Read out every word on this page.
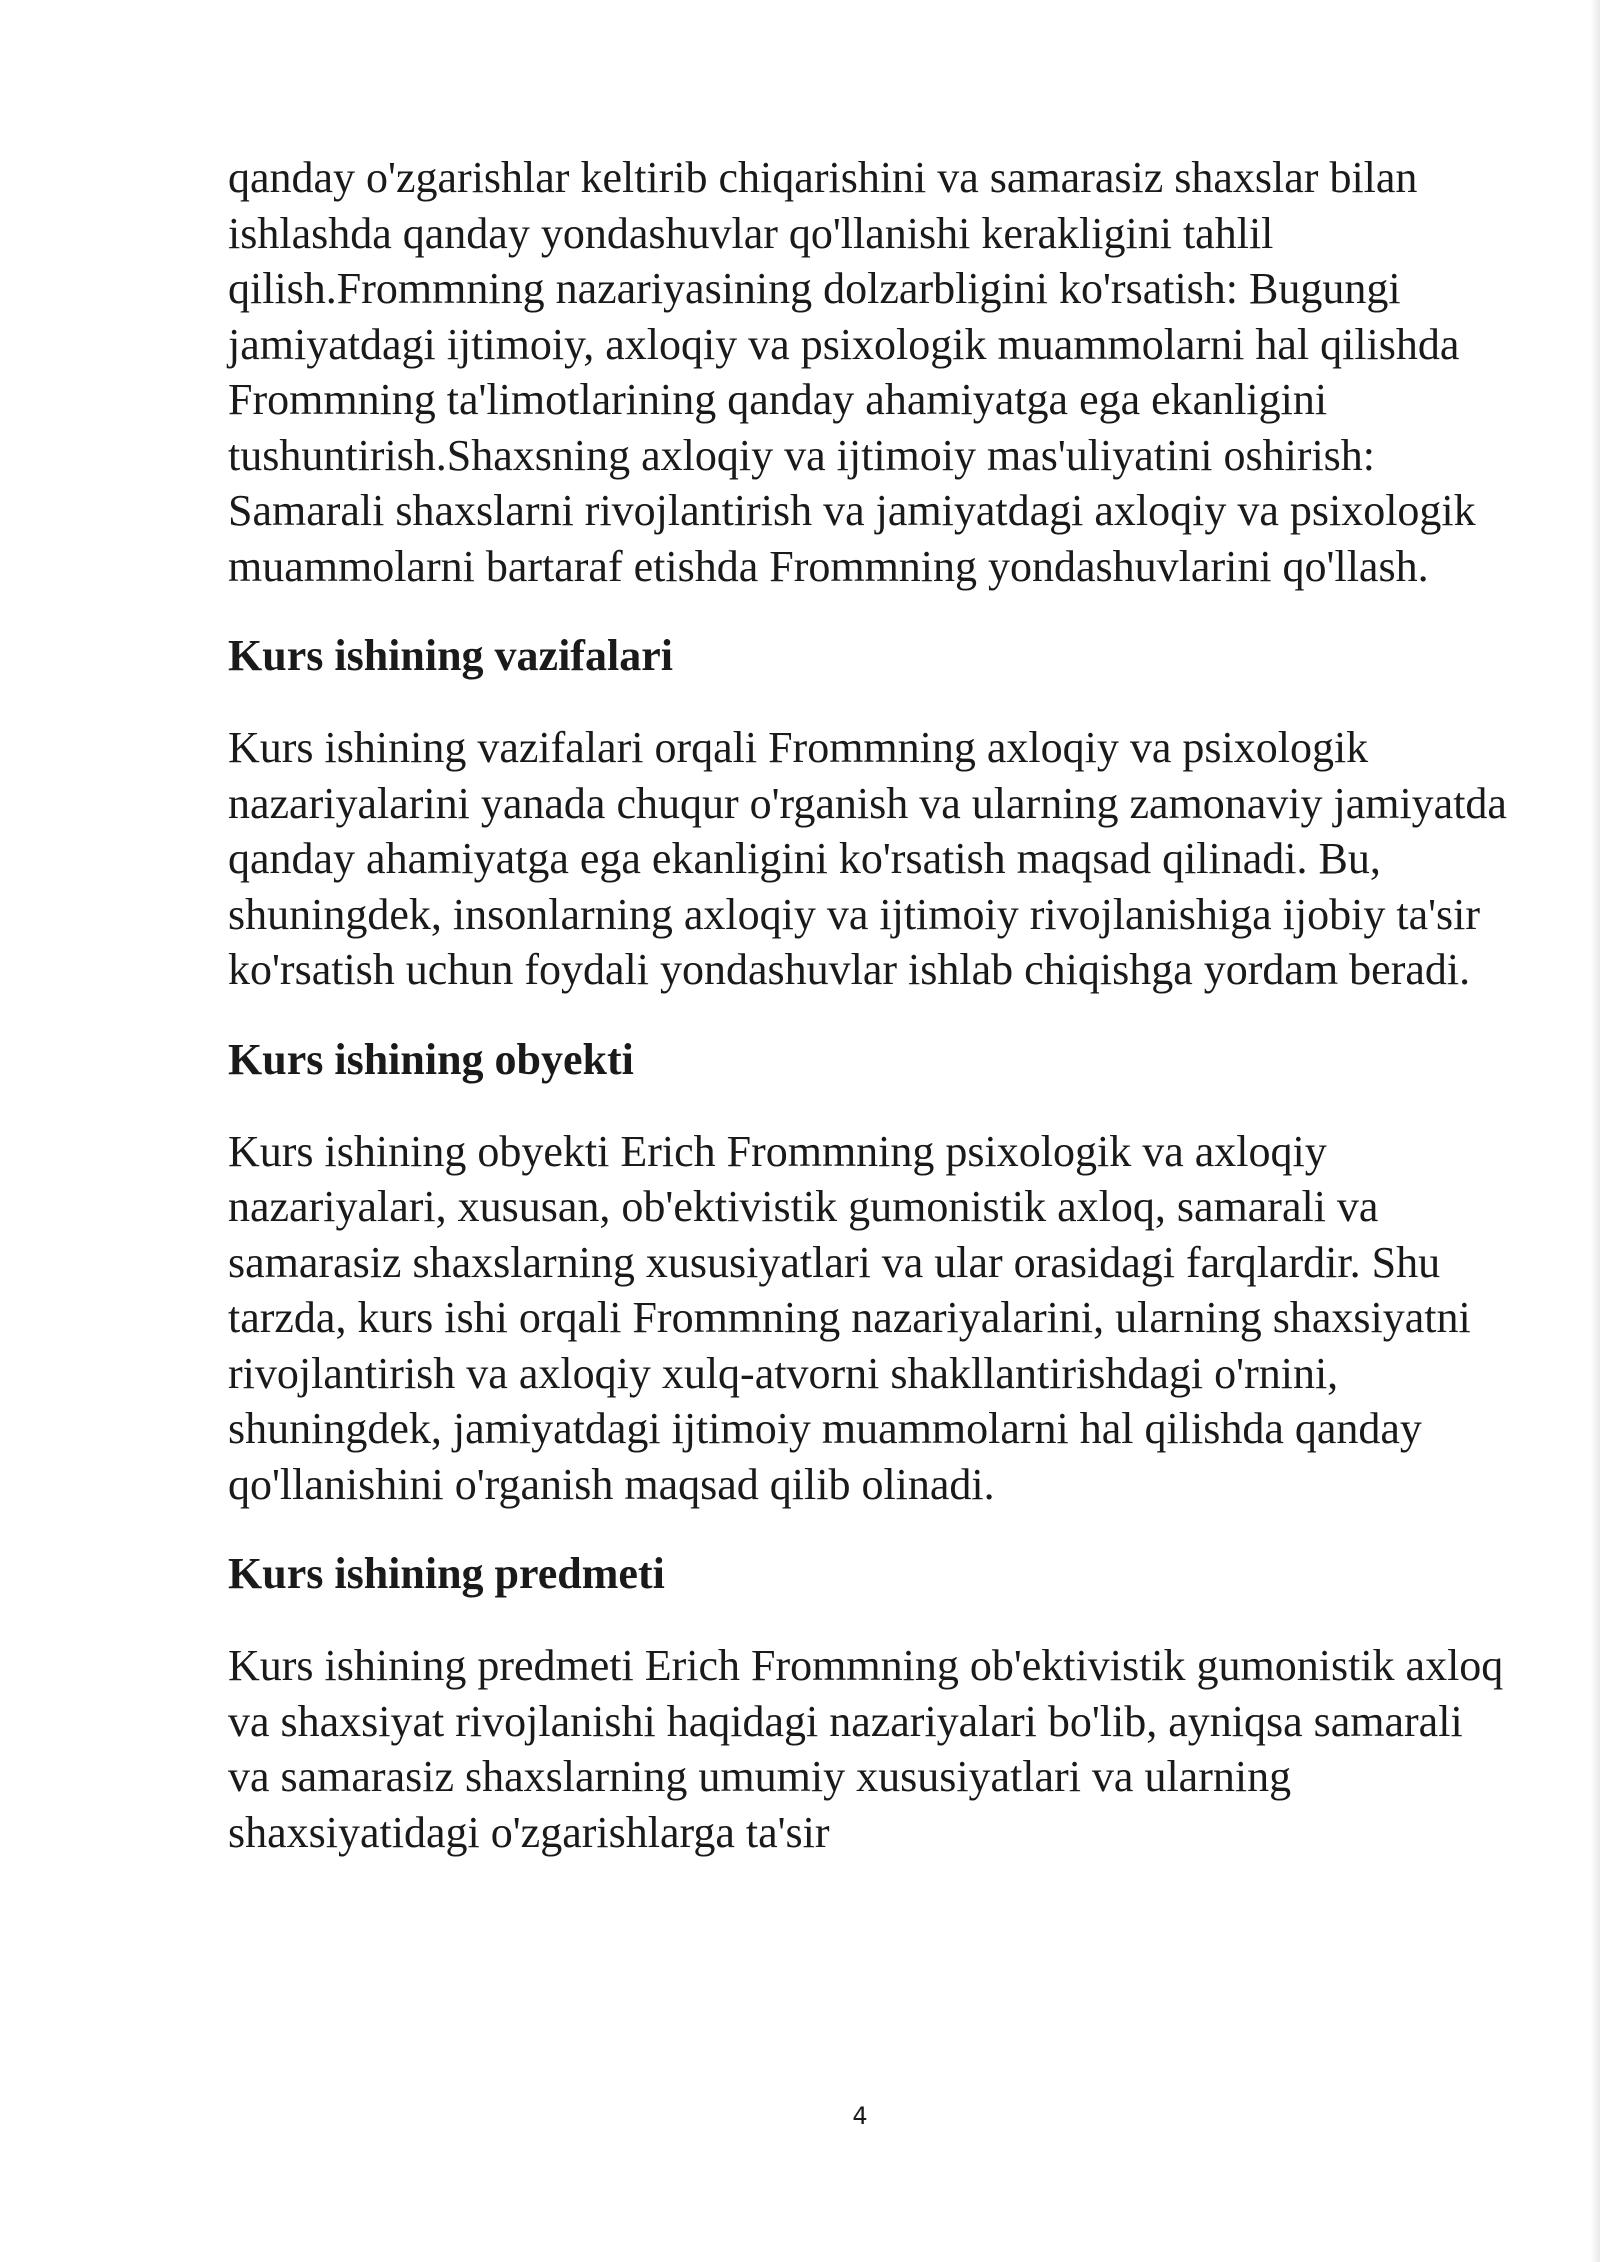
qanday o'zgarishlar keltirib chiqarishini va samarasiz shaxslar bilan ishlashda qanday yondashuvlar qo'llanishi kerakligini tahlil qilish.Frommning nazariyasining dolzarbligini ko'rsatish: Bugungi jamiyatdagi ijtimoiy, axloqiy va psixologik muammolarni hal qilishda Frommning ta'limotlarining qanday ahamiyatga ega ekanligini tushuntirish.Shaxsning axloqiy va ijtimoiy mas'uliyatini oshirish: Samarali shaxslarni rivojlantirish va jamiyatdagi axloqiy va psixologik muammolarni bartaraf etishda Frommning yondashuvlarini qo'llash.

Kurs ishining vazifalari

Kurs ishining vazifalari orqali Frommning axloqiy va psixologik nazariyalarini yanada chuqur o'rganish va ularning zamonaviy jamiyatda qanday ahamiyatga ega ekanligini ko'rsatish maqsad qilinadi. Bu, shuningdek, insonlarning axloqiy va ijtimoiy rivojlanishiga ijobiy ta'sir ko'rsatish uchun foydali yondashuvlar ishlab chiqishga yordam beradi.

Kurs ishining obyekti

Kurs ishining obyekti Erich Frommning psixologik va axloqiy nazariyalari, xususan, ob'ektivistik gumonistik axloq, samarali va samarasiz shaxslarning xususiyatlari va ular orasidagi farqlardir. Shu tarzda, kurs ishi orqali Frommning nazariyalarini, ularning shaxsiyatni rivojlantirish va axloqiy xulq-atvorni shakllantirishdagi o'rnini, shuningdek, jamiyatdagi ijtimoiy muammolarni hal qilishda qanday qo'llanishini o'rganish maqsad qilib olinadi.

Kurs ishining predmeti

Kurs ishining predmeti Erich Frommning ob'ektivistik gumonistik axloq va shaxsiyat rivojlanishi haqidagi nazariyalari bo'lib, ayniqsa samarali va samarasiz shaxslarning umumiy xususiyatlari va ularning shaxsiyatidagi o'zgarishlarga ta'sir

4
